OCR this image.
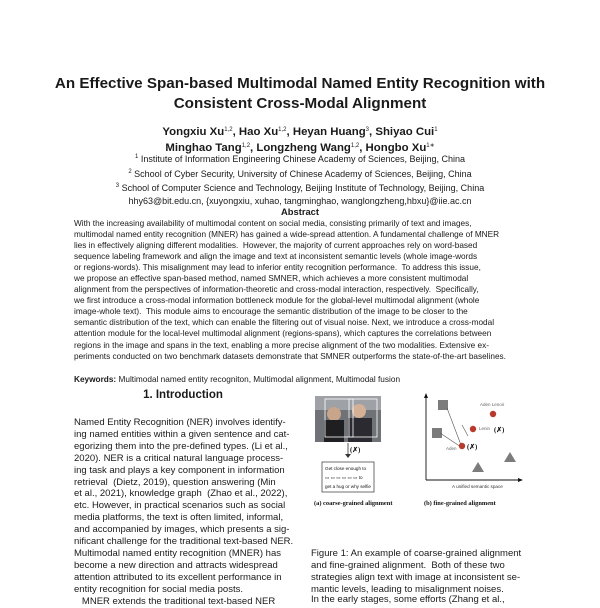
An Effective Span-based Multimodal Named Entity Recognition with
Consistent Cross-Modal Alignment
Yongxiu Xu$^{1,2}$, Hao Xu$^{1,2}$, Heyan Huang$^3$, Shiyao Cui$^1$
Minghao Tang$^{1,2}$, Longzheng Wang$^{1,2}$, Hongbo $Xu^{1∗}$
$^1$ Institute of Information Engineering Chinese Academy of Sciences, Beijing, China
$^2$ School of Cyber Security, University of Chinese Academy of Sciences, Beijing, China
$^3$ School of Computer Science and Technology, Beijing Institute of Technology, Beijing, China
hhy63@bit.edu.cn, {xuyongxiu, xuhao, tangminghao, wanglongzheng,hbxu}@iie.ac.cn
Abstract
With the increasing availability of multimodal content on social media, consisting primarily of text and images,
multimodal named entity recognition (MNER) has gained a wide-spread attention. A fundamental challenge of MNER
lies in effectively aligning different modalities.  However, the majority of current approaches rely on word-based
sequence labeling framework and align the image and text at inconsistent semantic levels (whole image-words
or regions-words). This misalignment may lead to inferior entity recognition performance.  To address this issue,
we propose an effective span-based method, named SMNER, which achieves a more consistent multimodal
alignment from the perspectives of information-theoretic and cross-modal interaction, respectively.  Specifically,
we first introduce a cross-modal information bottleneck module for the global-level multimodal alignment (whole
image-whole text).  This module aims to encourage the semantic distribution of the image to be closer to the
semantic distribution of the text, which can enable the filtering out of visual noise. Next, we introduce a cross-modal
attention module for the local-level multimodal alignment (regions-spans), which captures the correlations between
regions in the image and spans in the text, enabling a more precise alignment of the two modalities. Extensive ex-
periments conducted on two benchmark datasets demonstrate that SMNER outperforms the state-of-the-art baselines.
Keywords: Multimodal named entity recogniton, Multimodal alignment, Multimodal fusion
1. Introduction
Named Entity Recognition (NER) involves identify-
ing named entities within a given sentence and cat-
egorizing them into the pre-defined types. (Li et al.,
2020). NER is a critical natural language process-
ing task and plays a key component in information
retrieval  (Dietz, 2019), question answering (Min
et al., 2021), knowledge graph  (Zhao et al., 2022),
etc. However, in practical scenarios such as social
media platforms, the text is often limited, informal,
and accompanied by images, which presents a sig-
nificant challenge for the traditional text-based NER.
Multimodal named entity recognition (MNER) has
become a new direction and attracts widespread
attention attributed to its excellent performance in
entity recognition for social media posts.
MNER extends the traditional text-based NER
(✗)
Get close enough to
▭ ▭ ▭ ▭ ▭ ▭ to
get a hug or why selfie
Aden Lenoir
Lenin
Aden
(✗)
(✗)
A unified semantic space
(a) coarse-grained alignment	(b) fine-grained alignment
Figure 1: An example of coarse-grained alignment
and fine-grained alignment.  Both of these two
strategies align text with image at inconsistent se-
mantic levels, leading to misalignment noises.
In the early stages, some efforts (Zhang et al.,
